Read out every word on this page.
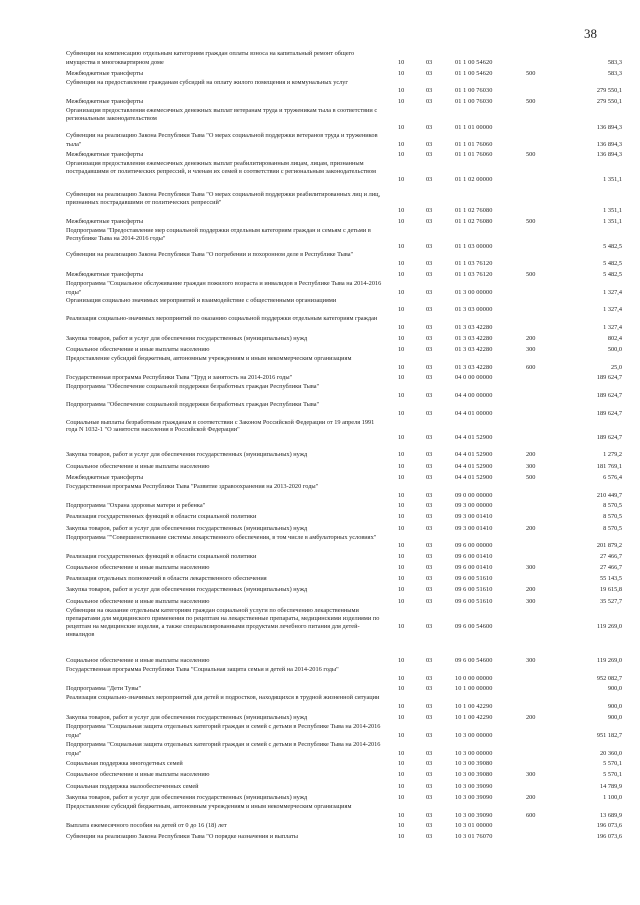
38
Субвенции на компенсацию отдельным категориям граждан оплаты взноса на капитальный ремонт общего имущества в многоквартирном доме	10	03	01 1 00 54620	583,3
Межбюджетные трансферты	10	03	01 1 00 54620	500	583,3
Субвенции на предоставление гражданам субсидий на оплату жилого помещения и коммунальных услуг
10	03	01 1 00 76030	279 550,1
Межбюджетные трансферты	10	03	01 1 00 76030	500	279 550,1
Организация предоставления ежемесячных денежных выплат ветеранам труда и труженикам тыла в соответствии с региональным законодательством
10	03	01 1 01 00000	136 894,3
Субвенции на реализацию Закона Республики Тыва "О мерах социальной поддержки ветеранов труда и тружеников тыла"	10	03	01 1 01 76060	136 894,3
Межбюджетные трансферты	10	03	01 1 01 76060	500	136 894,3
Организация предоставления ежемесячных денежных выплат реабилитированным лицам, лицам, признанным пострадавшими от политических репрессий, и членам их семей в соответствии с региональным законодательством
10	03	01 1 02 00000	1 351,1
Субвенции на реализацию Закона Республики Тыва "О мерах социальной поддержки реабилитированных лиц и лиц, признанных пострадавшими от политических репрессий"
10	03	01 1 02 76080	1 351,1
Межбюджетные трансферты	10	03	01 1 02 76080	500	1 351,1
Подпрограмма "Предоставление мер социальной поддержки отдельным категориям граждан и семьям с детьми в Республике Тыва на 2014-2016 годы"
10	03	01 1 03 00000	5 482,5
Субвенции на реализацию Закона Республики Тыва "О погребении и похоронном деле в Республике Тыва"
10	03	01 1 03 76120	5 482,5
Межбюджетные трансферты	10	03	01 1 03 76120	500	5 482,5
Подпрограмма "Социальное обслуживание граждан пожилого возраста и инвалидов в Республике Тыва на 2014-2016 годы"	10	03	01 3 00 00000	1 327,4
Организация социально значимых мероприятий и взаимодействие с общественными организациями
10	03	01 3 03 00000	1 327,4
Реализация социально-значимых мероприятий по оказанию социальной поддержки отдельным категориям граждан
10	03	01 3 03 42280	1 327,4
Закупка товаров, работ и услуг для обеспечения государственных (муниципальных) нужд	10	03	01 3 03 42280	200	802,4
Социальное обеспечение и иные выплаты населению	10	03	01 3 03 42280	300	500,0
Предоставление субсидий бюджетным, автономным учреждениям и иным некоммерческим организациям
10	03	01 3 03 42280	600	25,0
Государственная программа Республики Тыва "Труд и занятость на 2014-2016 годы"	10	03	04 0 00 00000	189 624,7
Подпрограмма "Обеспечение социальной поддержки безработных граждан Республики Тыва"
10	03	04 4 00 00000	189 624,7
Подпрограмма "Обеспечение социальной поддержки безработных граждан Республики Тыва"
10	03	04 4 01 00000	189 624,7
Социальные выплаты безработным гражданам в соответствии с Законом Российской Федерации от 19 апреля 1991 года N 1032-1 "О занятости населения в Российской Федерации"
10	03	04 4 01 52900	189 624,7
Закупка товаров, работ и услуг для обеспечения государственных (муниципальных) нужд	10	03	04 4 01 52900	200	1 279,2
Социальное обеспечение и иные выплаты населению	10	03	04 4 01 52900	300	181 769,1
Межбюджетные трансферты	10	03	04 4 01 52900	500	6 576,4
Государственная программа Республики Тыва "Развитие здравоохранения на 2013-2020 годы"
10	03	09 0 00 00000	210 449,7
Подпрограмма "Охрана здоровья матери и ребенка"	10	03	09 3 00 00000	8 570,5
Реализация государственных функций в области социальной политики	10	03	09 3 00 01410	8 570,5
Закупка товаров, работ и услуг для обеспечения государственных (муниципальных) нужд	10	03	09 3 00 01410	200	8 570,5
Подпрограмма ""Совершенствование системы лекарственного обеспечения, в том числе в амбулаторных условиях"
10	03	09 6 00 00000	201 879,2
Реализация государственных функций в области социальной политики	10	03	09 6 00 01410	27 466,7
Социальное обеспечение и иные выплаты населению	10	03	09 6 00 01410	300	27 466,7
Реализация отдельных полномочий в области лекарственного обеспечения	10	03	09 6 00 51610	55 143,5
Закупка товаров, работ и услуг для обеспечения государственных (муниципальных) нужд	10	03	09 6 00 51610	200	19 615,8
Социальное обеспечение и иные выплаты населению	10	03	09 6 00 51610	300	35 527,7
Субвенции на оказание отдельным категориям граждан социальной услуги по обеспечению лекарственными препаратами для медицинского применения по рецептам на лекарственные препараты, медицинскими изделиями по рецептам на медицинские изделия, а также специализированными продуктами лечебного питания для детей-инвалидов
10	03	09 6 00 54600	119 269,0
Социальное обеспечение и иные выплаты населению	10	03	09 6 00 54600	300	119 269,0
Государственная программа Республики Тыва "Социальная защита семьи и детей на 2014-2016 годы"
10	03	10 0 00 00000	952 082,7
Подпрограмма "Дети Тувы"	10	03	10 1 00 00000	900,0
Реализация социально-значимых мероприятий для детей и подростков, находящихся в трудной жизненной ситуации
10	03	10 1 00 42290	900,0
Закупка товаров, работ и услуг для обеспечения государственных (муниципальных) нужд	10	03	10 1 00 42290	200	900,0
Подпрограмма "Социальная защита отдельных категорий граждан и семей с детьми в Республике Тыва на 2014-2016 годы"	10	03	10 3 00 00000	951 182,7
Подпрограмма "Социальная защита отдельных категорий граждан и семей с детьми в Республике Тыва на 2014-2016 годы"	10	03	10 3 00 00000	20 360,0
Социальная поддержка многодетных семей	10	03	10 3 00 39080	5 570,1
Социальное обеспечение и иные выплаты населению	10	03	10 3 00 39080	300	5 570,1
Социальная поддержка малообеспеченных семей	10	03	10 3 00 39090	14 789,9
Закупка товаров, работ и услуг для обеспечения государственных (муниципальных) нужд	10	03	10 3 00 39090	200	1 100,0
Предоставление субсидий бюджетным, автономным учреждениям и иным некоммерческим организациям
10	03	10 3 00 39090	600	13 689,9
Выплата ежемесячного пособия на детей от 0 до 16 (18) лет	10	03	10 3 01 00000	196 073,6
Субвенции на реализацию Закона Республики Тыва "О порядке назначения и выплаты	10	03	10 3 01 76070	196 073,6
